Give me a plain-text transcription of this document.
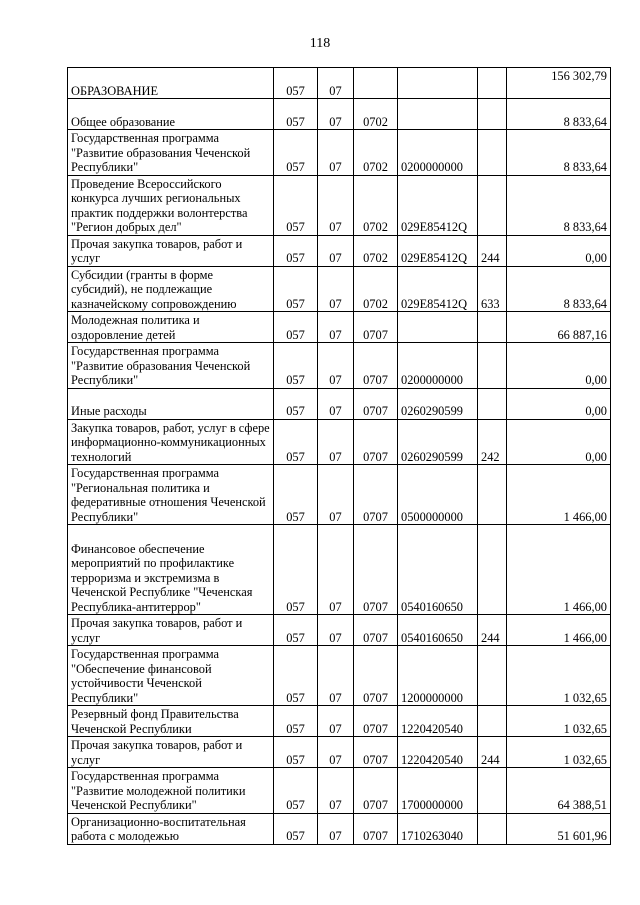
118
ОБРАЗОВАНИЕ	057	07				156 302,79
Общее образование	057	07	0702			8 833,64
Государственная программа "Развитие образования Чеченской Республики"	057	07	0702	0200000000		8 833,64
Проведение Всероссийского конкурса лучших региональных практик поддержки волонтерства "Регион добрых дел"	057	07	0702	029E85412Q		8 833,64
Прочая закупка товаров, работ и услуг	057	07	0702	029E85412Q	244	0,00
Субсидии (гранты в форме субсидий), не подлежащие казначейскому сопровождению	057	07	0702	029E85412Q	633	8 833,64
Молодежная политика и оздоровление детей	057	07	0707			66 887,16
Государственная программа "Развитие образования Чеченской Республики"	057	07	0707	0200000000		0,00
Иные расходы	057	07	0707	0260290599		0,00
Закупка товаров, работ, услуг в сфере информационно-коммуникационных технологий	057	07	0707	0260290599	242	0,00
Государственная программа "Региональная политика и федеративные отношения Чеченской Республики"	057	07	0707	0500000000		1 466,00
Финансовое обеспечение мероприятий по профилактике терроризма и экстремизма в Чеченской Республике "Чеченская Республика-антитеррор"	057	07	0707	0540160650		1 466,00
Прочая закупка товаров, работ и услуг	057	07	0707	0540160650	244	1 466,00
Государственная программа "Обеспечение финансовой устойчивости Чеченской Республики"	057	07	0707	1200000000		1 032,65
Резервный фонд Правительства Чеченской Республики	057	07	0707	1220420540		1 032,65
Прочая закупка товаров, работ и услуг	057	07	0707	1220420540	244	1 032,65
Государственная программа "Развитие молодежной политики Чеченской Республики"	057	07	0707	1700000000		64 388,51
Организационно-воспитательная работа с молодежью	057	07	0707	1710263040		51 601,96
